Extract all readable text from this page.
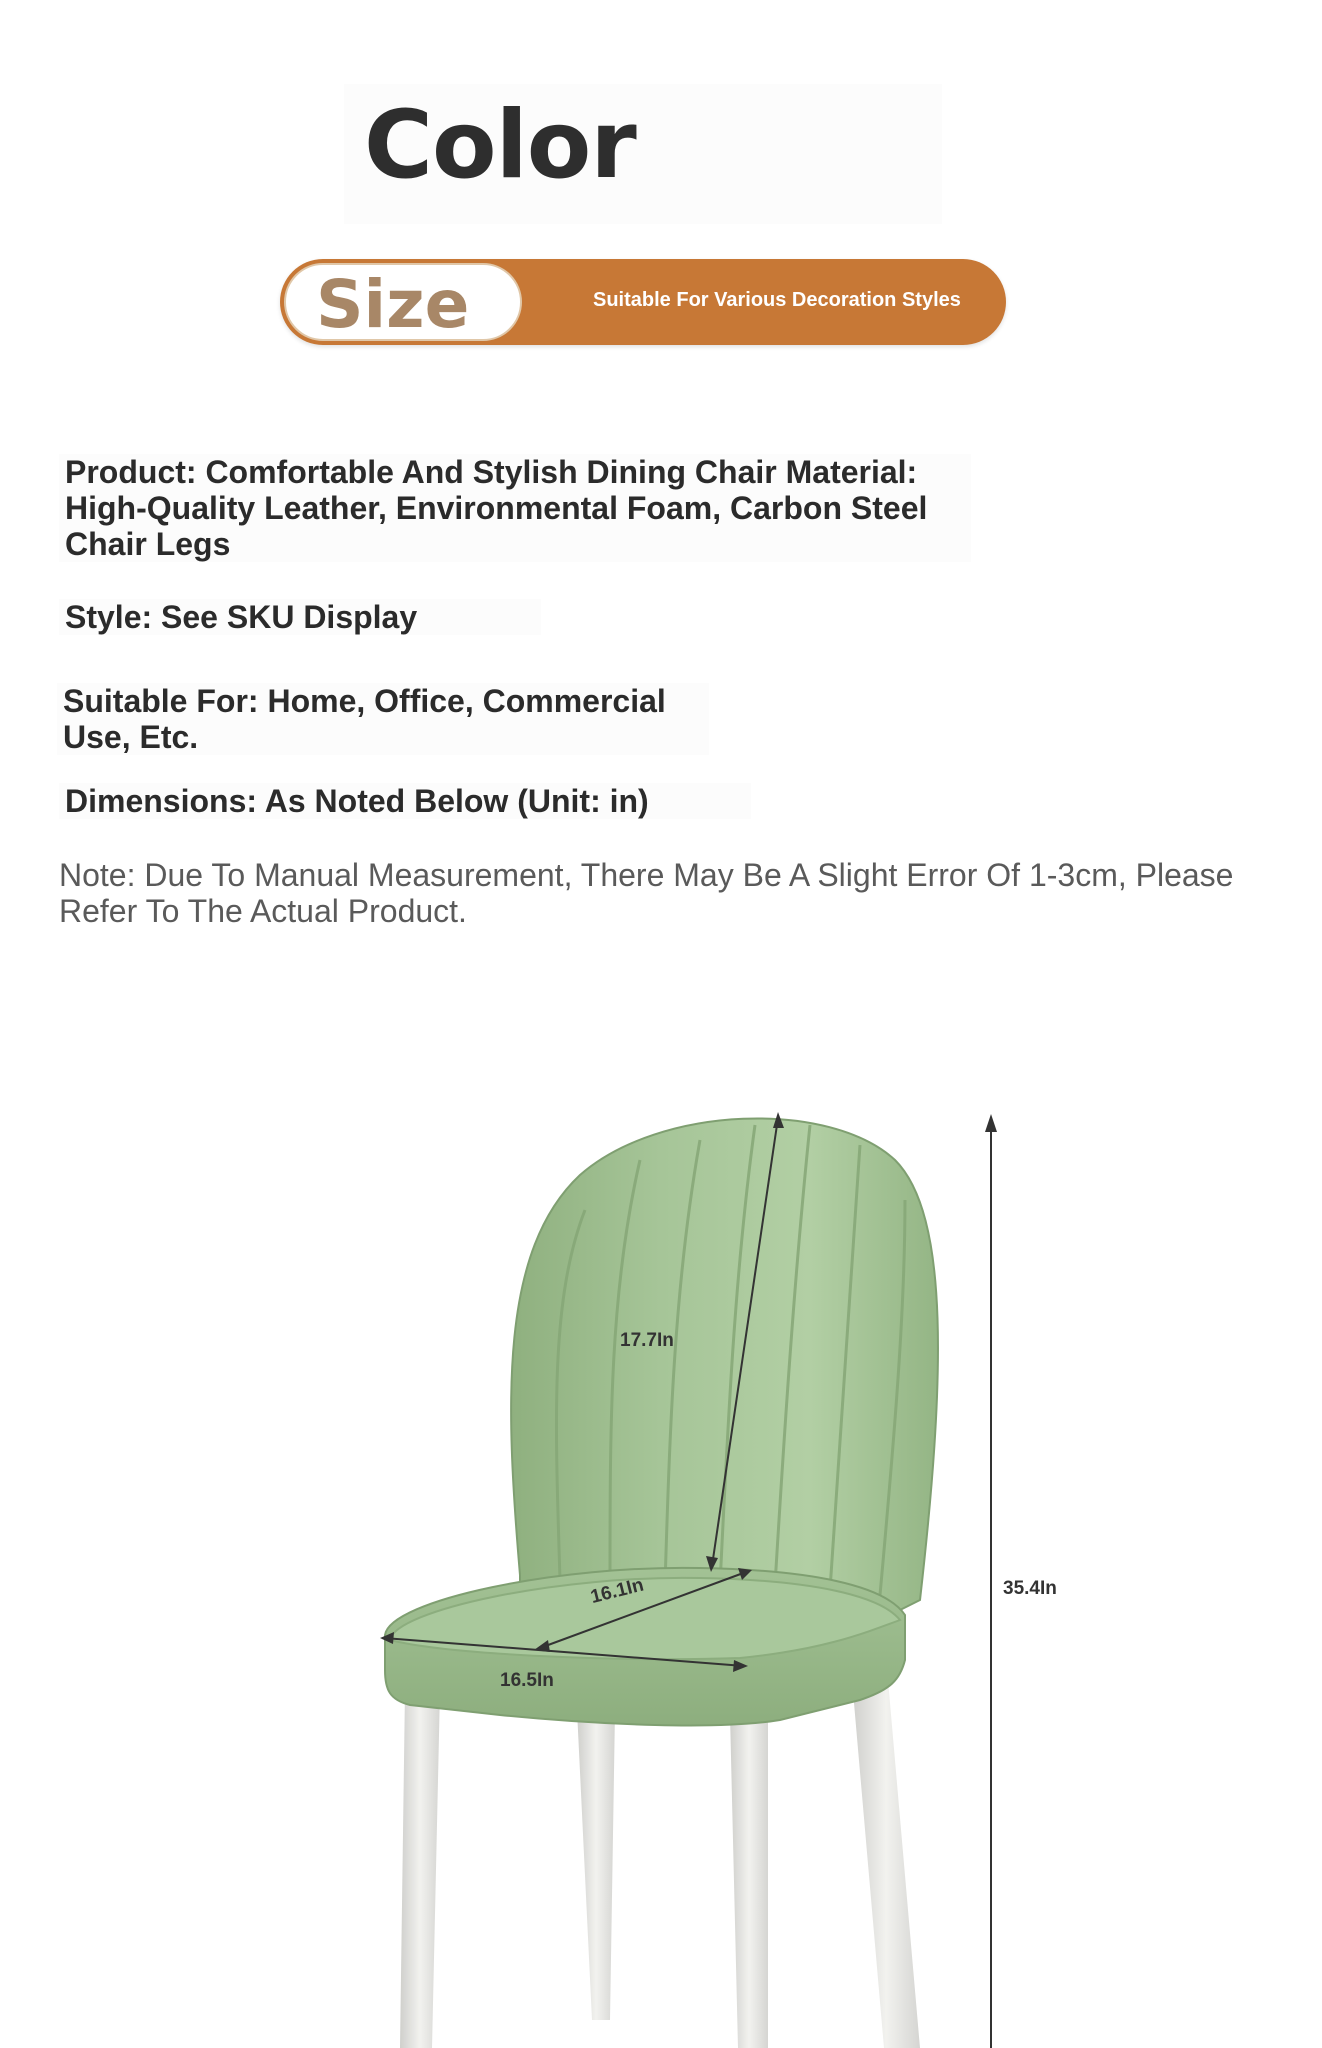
Color
Size	Suitable For Various Decoration Styles
Product: Comfortable And Stylish Dining Chair Material: High-Quality Leather, Environmental Foam, Carbon Steel Chair Legs
Style: See SKU Display
Suitable For: Home, Office, Commercial Use, Etc.
Dimensions: As Noted Below (Unit: in)
Note: Due To Manual Measurement, There May Be A Slight Error Of 1-3cm, Please Refer To The Actual Product.
17.7In
16.1In
16.5In
35.4In
